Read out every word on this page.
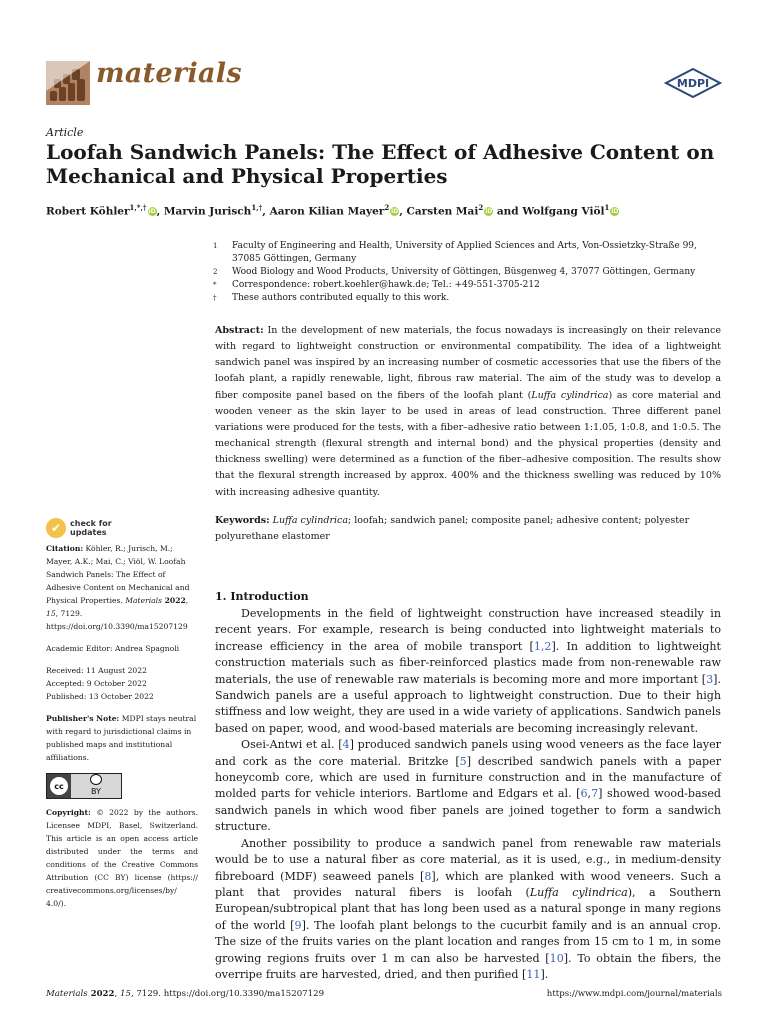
materials	MDPI
Article
Loofah Sandwich Panels: The Effect of Adhesive Content on
Mechanical and Physical Properties
Robert Köhler$^{1,*,\dagger}$ iD, Marvin Jurisch$^{1,\dagger}$, Aaron Kilian Mayer$^2$ iD, Carsten Mai$^2$ iD and Wolfgang Viöl$^1$ iD
1 Faculty of Engineering and Health, University of Applied Sciences and Arts, Von-Ossietzky-Straße 99,
37085 Göttingen, Germany
2 Wood Biology and Wood Products, University of Göttingen, Büsgenweg 4, 37077 Göttingen, Germany
* Correspondence: robert.koehler@hawk.de; Tel.: +49-551-3705-212
† These authors contributed equally to this work.
Abstract: In the development of new materials, the focus nowadays is increasingly on their relevance with regard to lightweight construction or environmental compatibility. The idea of a lightweight sandwich panel was inspired by an increasing number of cosmetic accessories that use the fibers of the loofah plant, a rapidly renewable, light, fibrous raw material. The aim of the study was to develop a fiber composite panel based on the fibers of the loofah plant (Luffa cylindrica) as core material and wooden veneer as the skin layer to be used in areas of lead construction. Three different panel variations were produced for the tests, with a fiber–adhesive ratio between 1:1.05, 1:0.8, and 1:0.5. The mechanical strength (flexural strength and internal bond) and the physical properties (density and thickness swelling) were determined as a function of the fiber–adhesive composition. The results show that the flexural strength increased by approx. 400% and the thickness swelling was reduced by 10% with increasing adhesive quantity.
Keywords: Luffa cylindrica; loofah; sandwich panel; composite panel; adhesive content; polyester polyurethane elastomer
✔	check for
updates
Citation: Köhler, R.; Jurisch, M.; Mayer, A.K.; Mai, C.; Viöl, W. Loofah Sandwich Panels: The Effect of Adhesive Content on Mechanical and Physical Properties. Materials 2022, 15, 7129. https://doi.org/10.3390/ma15207129
Academic Editor: Andrea Spagnoli
Received: 11 August 2022
Accepted: 9 October 2022
Published: 13 October 2022
Publisher's Note: MDPI stays neutral with regard to jurisdictional claims in published maps and institutional affiliations.
cc
BY
Copyright: © 2022 by the authors. Licensee MDPI, Basel, Switzerland. This article is an open access article distributed under the terms and conditions of the Creative Commons Attribution (CC BY) license (https:// creativecommons.org/licenses/by/ 4.0/).
1. Introduction

Developments in the field of lightweight construction have increased steadily in recent years. For example, research is being conducted into lightweight materials to increase efficiency in the area of mobile transport [1,2]. In addition to lightweight construction materials such as fiber-reinforced plastics made from non-renewable raw materials, the use of renewable raw materials is becoming more and more important [3]. Sandwich panels are a useful approach to lightweight construction. Due to their high stiffness and low weight, they are used in a wide variety of applications. Sandwich panels based on paper, wood, and wood-based materials are becoming increasingly relevant.

Osei-Antwi et al. [4] produced sandwich panels using wood veneers as the face layer and cork as the core material. Britzke [5] described sandwich panels with a paper honeycomb core, which are used in furniture construction and in the manufacture of molded parts for vehicle interiors. Bartlome and Edgars et al. [6,7] showed wood-based sandwich panels in which wood fiber panels are joined together to form a sandwich structure.

Another possibility to produce a sandwich panel from renewable raw materials would be to use a natural fiber as core material, as it is used, e.g., in medium-density fibreboard (MDF) seaweed panels [8], which are planked with wood veneers. Such a plant that provides natural fibers is loofah (Luffa cylindrica), a Southern European/subtropical plant that has long been used as a natural sponge in many regions of the world [9]. The loofah plant belongs to the cucurbit family and is an annual crop. The size of the fruits varies on the plant location and ranges from 15 cm to 1 m, in some growing regions fruits over 1 m can also be harvested [10]. To obtain the fibers, the overripe fruits are harvested, dried, and then purified [11].

Materials 2022, 15, 7129. https://doi.org/10.3390/ma15207129	https://www.mdpi.com/journal/materials
